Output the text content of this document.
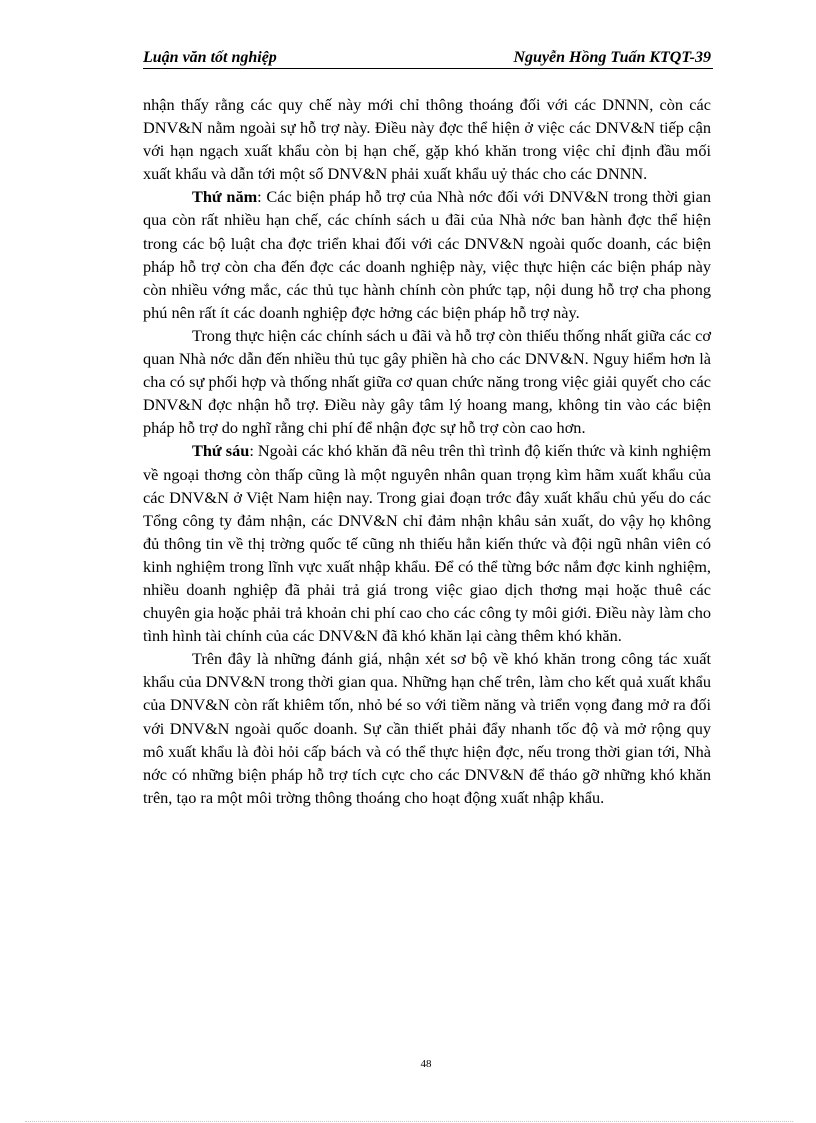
Luận văn tốt nghiệp	Nguyễn Hồng Tuấn KTQT-39

nhận thấy rằng các quy chế này mới chỉ thông thoáng đối với các DNNN, còn các DNV&N nằm ngoài sự hỗ trợ này. Điều này đợc thể hiện ở việc các DNV&N tiếp cận với hạn ngạch xuất khẩu còn bị hạn chế, gặp khó khăn trong việc chỉ định đầu mối xuất khẩu và dẫn tới một số DNV&N phải xuất khẩu uỷ thác cho các DNNN.

Thứ năm: Các biện pháp hỗ trợ của Nhà nớc đối với DNV&N trong thời gian qua còn rất nhiều hạn chế, các chính sách u đãi của Nhà nớc ban hành đợc thể hiện trong các bộ luật cha đợc triển khai đối với các DNV&N ngoài quốc doanh, các biện pháp hỗ trợ còn cha đến đợc các doanh nghiệp này, việc thực hiện các biện pháp này còn nhiều vớng mắc, các thủ tục hành chính còn phức tạp, nội dung hỗ trợ cha phong phú nên rất ít các doanh nghiệp đợc hởng các biện pháp hỗ trợ này.

Trong thực hiện các chính sách u đãi và hỗ trợ còn thiếu thống nhất giữa các cơ quan Nhà nớc dẫn đến nhiều thủ tục gây phiền hà cho các DNV&N. Nguy hiểm hơn là cha có sự phối hợp và thống nhất giữa cơ quan chức năng trong việc giải quyết cho các DNV&N đợc nhận hỗ trợ. Điều này gây tâm lý hoang mang, không tin vào các biện pháp hỗ trợ do nghĩ rằng chi phí để nhận đợc sự hỗ trợ còn cao hơn.

Thứ sáu: Ngoài các khó khăn đã nêu trên thì trình độ kiến thức và kinh nghiệm về ngoại thơng còn thấp cũng là một nguyên nhân quan trọng kìm hãm xuất khẩu của các DNV&N ở Việt Nam hiện nay. Trong giai đoạn trớc đây xuất khẩu chủ yếu do các Tổng công ty đảm nhận, các DNV&N chỉ đảm nhận khâu sản xuất, do vậy họ không đủ thông tin về thị trờng quốc tế cũng nh thiếu hẳn kiến thức và đội ngũ nhân viên có kinh nghiệm trong lĩnh vực xuất nhập khẩu. Để có thể từng bớc nắm đợc kinh nghiệm, nhiều doanh nghiệp đã phải trả giá trong việc giao dịch thơng mại hoặc thuê các chuyên gia hoặc phải trả khoản chi phí cao cho các công ty môi giới. Điều này làm cho tình hình tài chính của các DNV&N đã khó khăn lại càng thêm khó khăn.

Trên đây là những đánh giá, nhận xét sơ bộ về khó khăn trong công tác xuất khẩu của DNV&N trong thời gian qua. Những hạn chế trên, làm cho kết quả xuất khẩu của DNV&N còn rất khiêm tốn, nhỏ bé so với tiềm năng và triển vọng đang mở ra đối với DNV&N ngoài quốc doanh. Sự cần thiết phải đẩy nhanh tốc độ và mở rộng quy mô xuất khẩu là đòi hỏi cấp bách và có thể thực hiện đợc, nếu trong thời gian tới, Nhà nớc có những biện pháp hỗ trợ tích cực cho các DNV&N để tháo gỡ những khó khăn trên, tạo ra một môi trờng thông thoáng cho hoạt động xuất nhập khẩu.

48
